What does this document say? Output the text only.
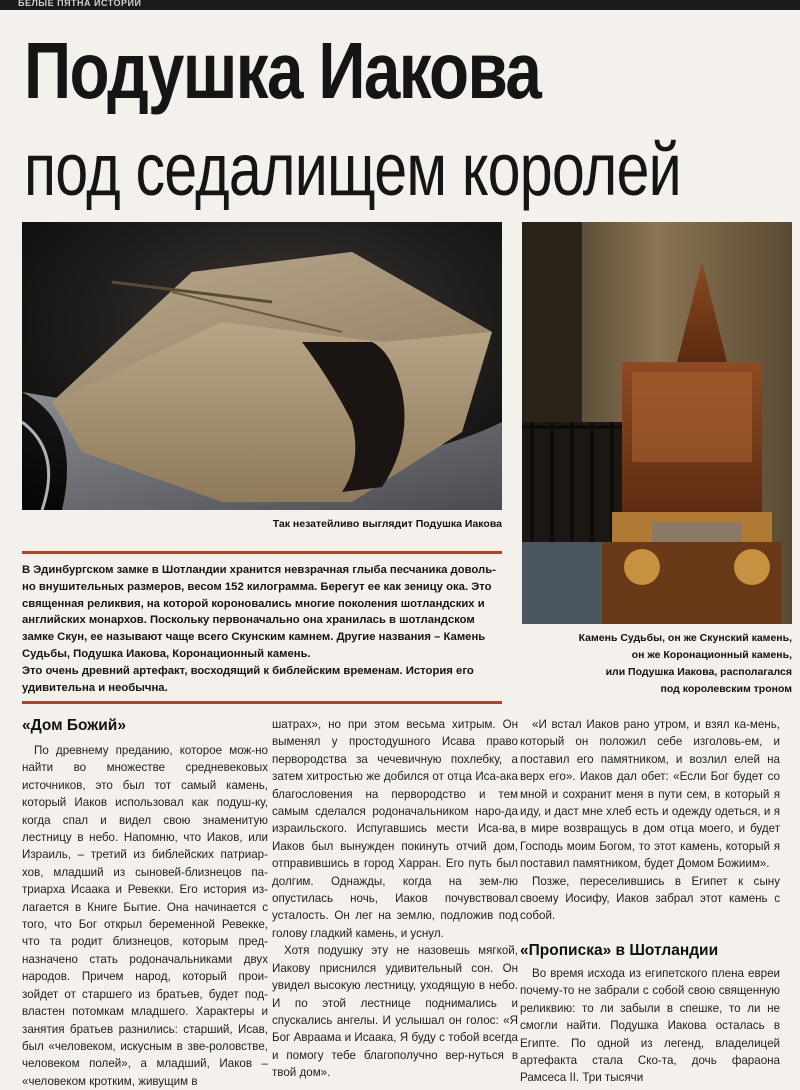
БЕЛЫЕ ПЯТНА ИСТОРИИ
Подушка Иакова
под седалищем королей
Так незатейливо выглядит Подушка Иакова
Камень Судьбы, он же Скунский камень,
он же Коронационный камень,
или Подушка Иакова, располагался
под королевским троном

В Эдинбургском замке в Шотландии хранится невзрачная глыба песчаника доволь-но внушительных размеров, весом 152 килограмма. Берегут ее как зеницу ока. Это священная реликвия, на которой короновались многие поколения шотландских и английских монархов. Поскольку первоначально она хранилась в шотландском замке Скун, ее называют чаще всего Скунским камнем. Другие названия – Камень Судьбы, Подушка Иакова, Коронационный камень.

Это очень древний артефакт, восходящий к библейским временам. История его удивительна и необычна.

«Дом Божий»

По древнему преданию, которое мож-но найти во множестве средневековых источников, это был тот самый камень, который Иаков использовал как подуш-ку, когда спал и видел свою знаменитую лестницу в небо. Напомню, что Иаков, или Израиль, – третий из библейских патриар-хов, младший из сыновей-близнецов па-триарха Исаака и Ревекки. Его история из-лагается в Книге Бытие. Она начинается с того, что Бог открыл беременной Ревекке, что та родит близнецов, которым пред-назначено стать родоначальниками двух народов. Причем народ, который прои-зойдет от старшего из братьев, будет под-властен потомкам младшего. Характеры и занятия братьев разнились: старший, Исав, был «человеком, искусным в зве-роловстве, человеком полей», а младший, Иаков – «человеком кротким, живущим в

шатрах», но при этом весьма хитрым. Он выменял у простодушного Исава право первородства за чечевичную похлебку, а затем хитростью же добился от отца Иса-ака благословения на первородство и тем самым сделался родоначальником наро-да израильского. Испугавшись мести Иса-ва, Иаков был вынужден покинуть отчий дом, отправившись в город Харран. Его путь был долгим. Однажды, когда на зем-лю опустилась ночь, Иаков почувствовал усталость. Он лег на землю, подложив под голову гладкий камень, и уснул.

Хотя подушку эту не назовешь мягкой, Иакову приснился удивительный сон. Он увидел высокую лестницу, уходящую в небо. И по этой лестнице поднимались и спускались ангелы. И услышал он голос: «Я Бог Авраама и Исаака, Я буду с тобой всегда и помогу тебе благополучно вер-нуться в твой дом».

«И встал Иаков рано утром, и взял ка-мень, который он положил себе изголовь-ем, и поставил его памятником, и возлил елей на верх его». Иаков дал обет: «Если Бог будет со мной и сохранит меня в пути сем, в который я иду, и даст мне хлеб есть и одежду одеться, и я в мире возвращусь в дом отца моего, и будет Господь моим Богом, то этот камень, который я поставил памятником, будет Домом Божиим».

Позже, переселившись в Египет к сыну своему Иосифу, Иаков забрал этот камень с собой.

«Прописка» в Шотландии

Во время исхода из египетского плена евреи почему-то не забрали с собой свою священную реликвию: то ли забыли в спешке, то ли не смогли найти. Подушка Иакова осталась в Египте. По одной из легенд, владелицей артефакта стала Ско-та, дочь фараона Рамсеса II. Три тысячи
